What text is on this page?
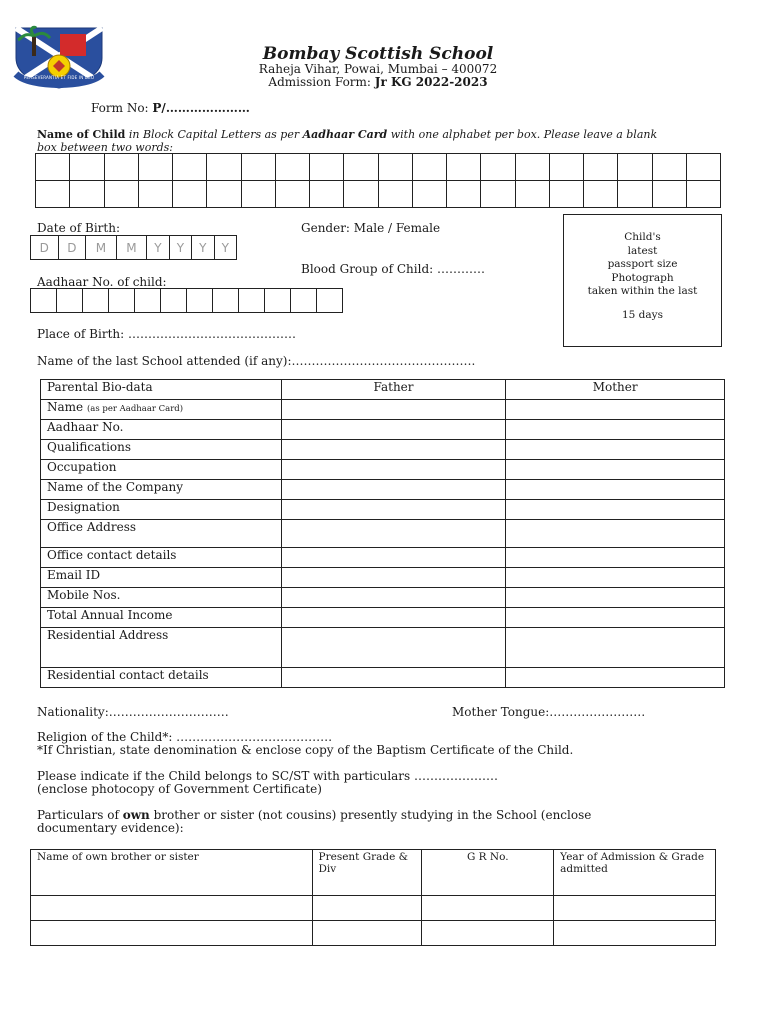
PERSEVERANTIA ET FIDE IN DEO
Bombay Scottish School
Raheja Vihar, Powai, Mumbai – 400072
Admission Form: Jr KG 2022-2023
Form No: P/…………………
Name of Child in Block Capital Letters as per Aadhaar Card with one alphabet per box. Please leave a blank
box between two words:

Date of Birth:
D	D	M	M	Y	Y	Y	Y
Gender: Male / Female
Blood Group of Child: …………
Aadhaar No. of child:

Child's
latest
passport size
Photograph
taken within the last
15 days
Place of Birth: ……………………………………
Name of the last School attended (if any):……………………………………….
Parental Bio-data	Father	Mother
Name (as per Aadhaar Card)		
Aadhaar No.		
Qualifications		
Occupation		
Name of the Company		
Designation		
Office Address		
Office contact details		
Email ID		
Mobile Nos.		
Total Annual Income		
Residential Address		
Residential contact details		
Nationality:…………………………	Mother Tongue:……………………
Religion of the Child*: …………………………………
*If Christian, state denomination & enclose copy of the Baptism Certificate of the Child.
Please indicate if the Child belongs to SC/ST with particulars …………………
(enclose photocopy of Government Certificate)
Particulars of own brother or sister (not cousins) presently studying in the School (enclose
documentary evidence):
Name of own brother or sister	Present Grade & Div	G R No.	Year of Admission & Grade admitted
